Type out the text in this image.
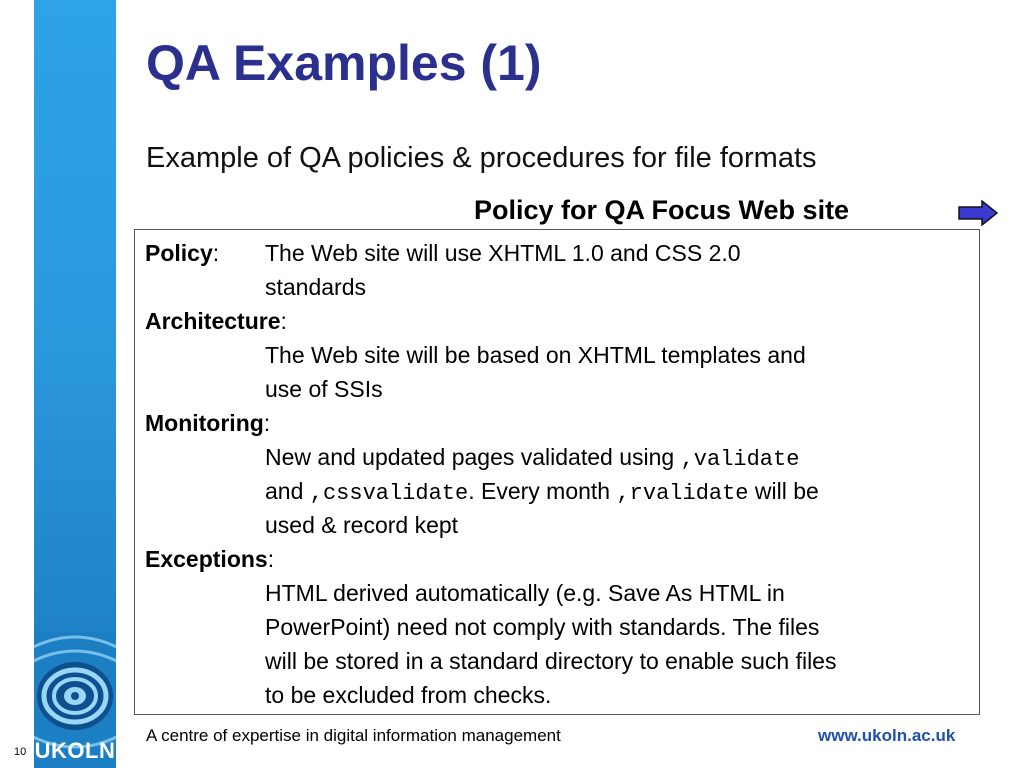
UKOLN
10
QA Examples (1)
Example of QA policies & procedures for file formats
Policy for QA Focus Web site
Policy: The Web site will use XHTML 1.0 and CSS 2.0
standards
Architecture:
The Web site will be based on XHTML templates and
use of SSIs
Monitoring:
New and updated pages validated using ,validate
and ,cssvalidate. Every month ,rvalidate will be
used & record kept
Exceptions:
HTML derived automatically (e.g. Save As HTML in
PowerPoint) need not comply with standards. The files
will be stored in a standard directory to enable such files
to be excluded from checks.
A centre of expertise in digital information management	www.ukoln.ac.uk
